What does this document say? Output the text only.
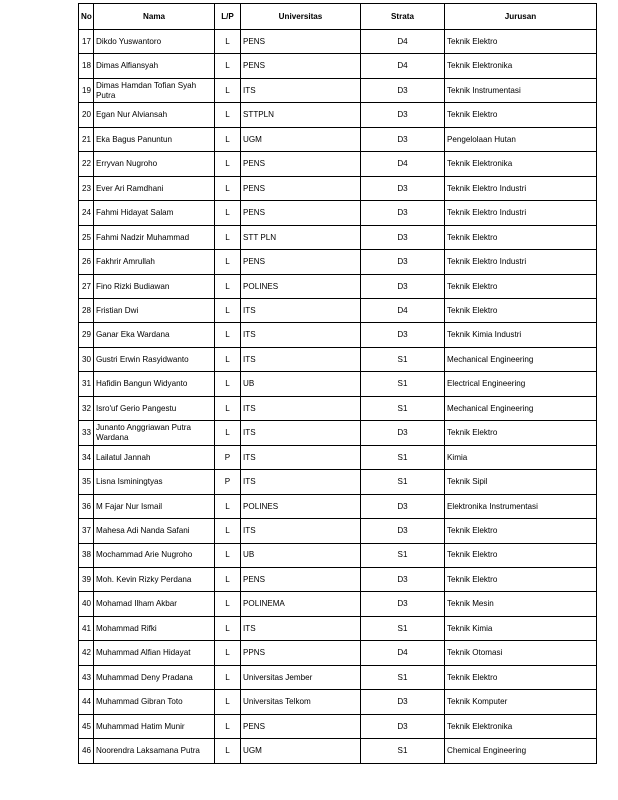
No	Nama	L/P	Universitas	Strata	Jurusan
17	Dikdo Yuswantoro	L	PENS	D4	Teknik Elektro
18	Dimas Alfiansyah	L	PENS	D4	Teknik Elektronika
19	Dimas Hamdan Tofian Syah Putra	L	ITS	D3	Teknik Instrumentasi
20	Egan Nur Alviansah	L	STTPLN	D3	Teknik Elektro
21	Eka Bagus Panuntun	L	UGM	D3	Pengelolaan Hutan
22	Erryvan Nugroho	L	PENS	D4	Teknik Elektronika
23	Ever Ari Ramdhani	L	PENS	D3	Teknik Elektro Industri
24	Fahmi Hidayat Salam	L	PENS	D3	Teknik Elektro Industri
25	Fahmi Nadzir Muhammad	L	STT PLN	D3	Teknik Elektro
26	Fakhrir Amrullah	L	PENS	D3	Teknik Elektro Industri
27	Fino Rizki Budiawan	L	POLINES	D3	Teknik Elektro
28	Fristian Dwi	L	ITS	D4	Teknik Elektro
29	Ganar Eka Wardana	L	ITS	D3	Teknik Kimia Industri
30	Gustri Erwin Rasyidwanto	L	ITS	S1	Mechanical Engineering
31	Hafidin Bangun Widyanto	L	UB	S1	Electrical Engineering
32	Isro'uf Gerio Pangestu	L	ITS	S1	Mechanical Engineering
33	Junanto Anggriawan Putra Wardana	L	ITS	D3	Teknik Elektro
34	Lailatul Jannah	P	ITS	S1	Kimia
35	Lisna Isminingtyas	P	ITS	S1	Teknik Sipil
36	M Fajar Nur Ismail	L	POLINES	D3	Elektronika Instrumentasi
37	Mahesa Adi Nanda Safani	L	ITS	D3	Teknik Elektro
38	Mochammad Arie Nugroho	L	UB	S1	Teknik Elektro
39	Moh. Kevin Rizky Perdana	L	PENS	D3	Teknik Elektro
40	Mohamad Ilham Akbar	L	POLINEMA	D3	Teknik Mesin
41	Mohammad Rifki	L	ITS	S1	Teknik Kimia
42	Muhammad Alfian Hidayat	L	PPNS	D4	Teknik Otomasi
43	Muhammad Deny Pradana	L	Universitas Jember	S1	Teknik Elektro
44	Muhammad Gibran Toto	L	Universitas Telkom	D3	Teknik Komputer
45	Muhammad Hatim Munir	L	PENS	D3	Teknik Elektronika
46	Noorendra Laksamana Putra	L	UGM	S1	Chemical Engineering
